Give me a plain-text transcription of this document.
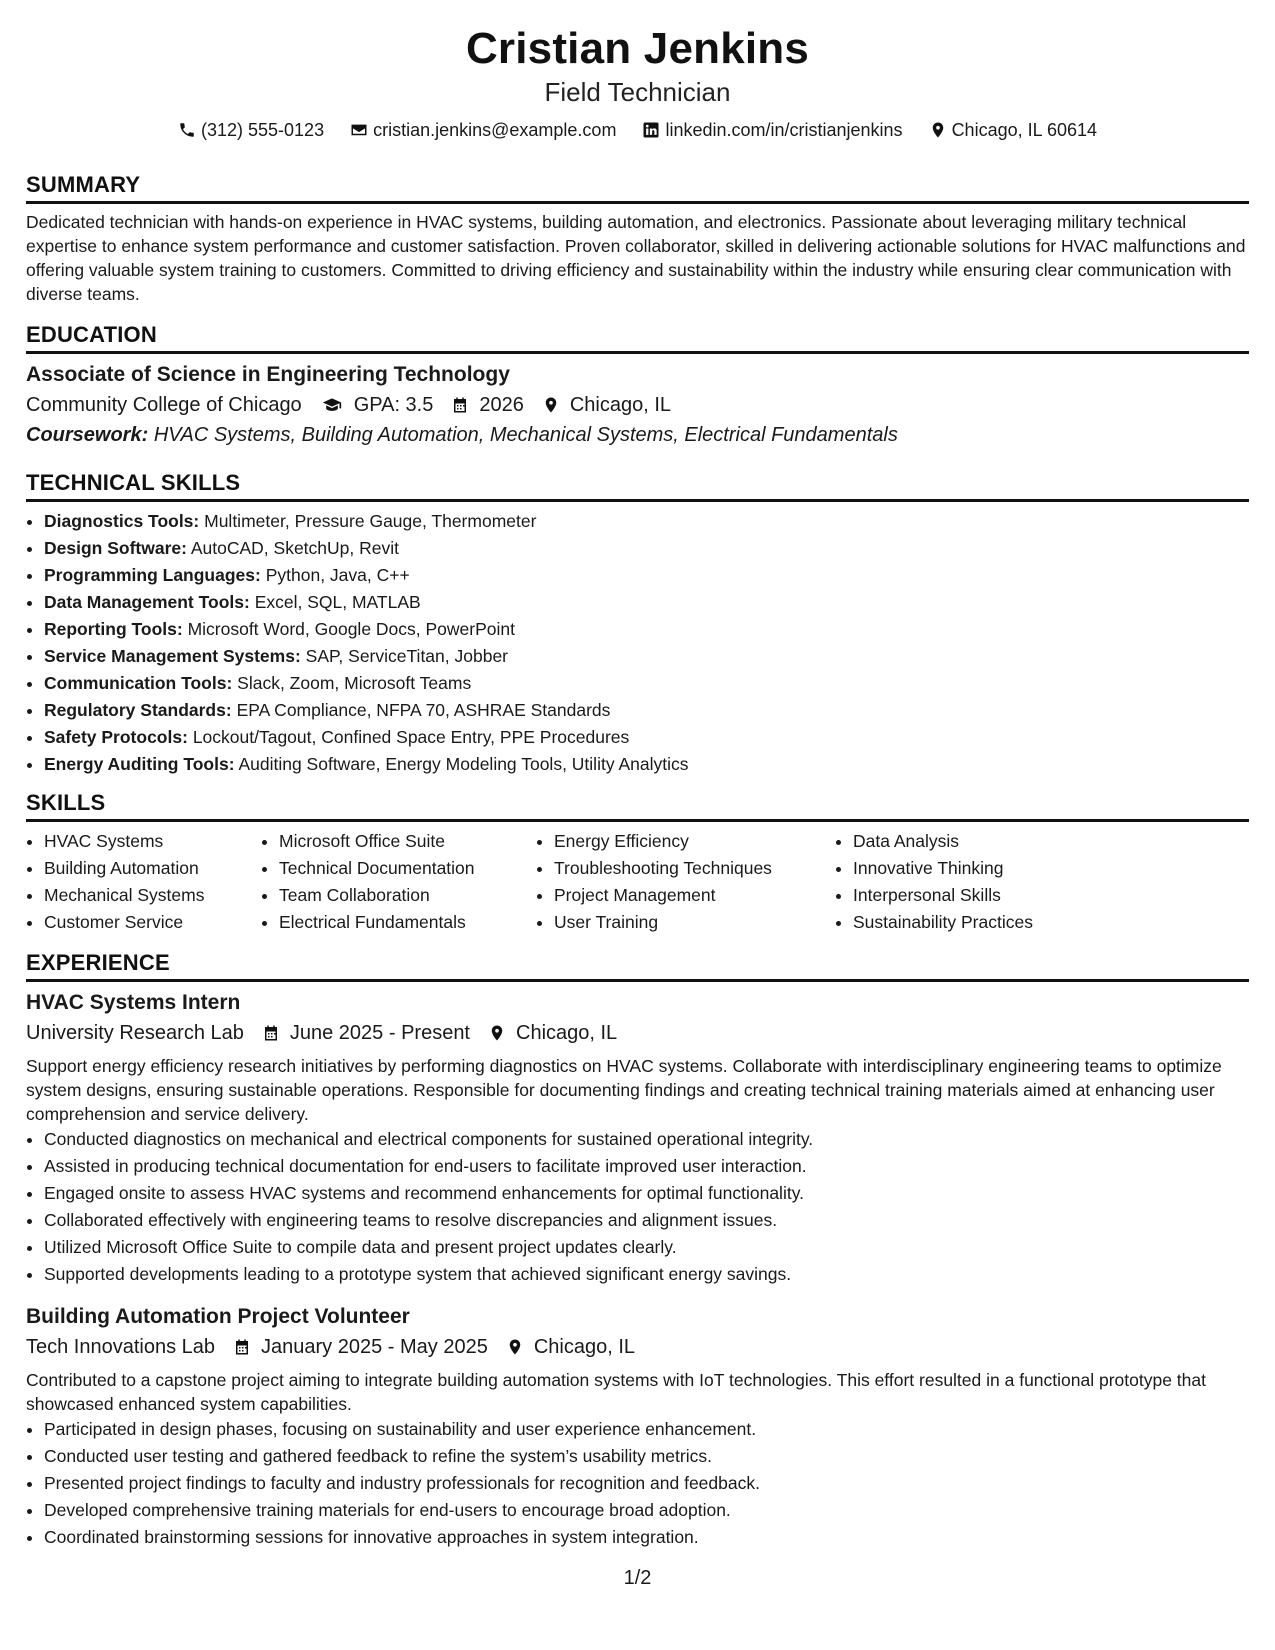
Cristian Jenkins
Field Technician
(312) 555-0123	cristian.jenkins@example.com	linkedin.com/in/cristianjenkins	Chicago, IL 60614
SUMMARY

Dedicated technician with hands-on experience in HVAC systems, building automation, and electronics. Passionate about leveraging military technical expertise to enhance system performance and customer satisfaction. Proven collaborator, skilled in delivering actionable solutions for HVAC malfunctions and offering valuable system training to customers. Committed to driving efficiency and sustainability within the industry while ensuring clear communication with diverse teams.

EDUCATION
Associate of Science in Engineering Technology
Community College of Chicago	GPA: 3.5 2026 Chicago, IL
Coursework: HVAC Systems, Building Automation, Mechanical Systems, Electrical Fundamentals
TECHNICAL SKILLS
• Diagnostics Tools: Multimeter, Pressure Gauge, Thermometer
• Design Software: AutoCAD, SketchUp, Revit
• Programming Languages: Python, Java, C++
• Data Management Tools: Excel, SQL, MATLAB
• Reporting Tools: Microsoft Word, Google Docs, PowerPoint
• Service Management Systems: SAP, ServiceTitan, Jobber
• Communication Tools: Slack, Zoom, Microsoft Teams
• Regulatory Standards: EPA Compliance, NFPA 70, ASHRAE Standards
• Safety Protocols: Lockout/Tagout, Confined Space Entry, PPE Procedures
• Energy Auditing Tools: Auditing Software, Energy Modeling Tools, Utility Analytics
SKILLS
• HVAC Systems
• Building Automation
• Mechanical Systems
• Customer Service
• Microsoft Office Suite
• Technical Documentation
• Team Collaboration
• Electrical Fundamentals
• Energy Efficiency
• Troubleshooting Techniques
• Project Management
• User Training
• Data Analysis
• Innovative Thinking
• Interpersonal Skills
• Sustainability Practices
EXPERIENCE
HVAC Systems Intern
University Research Lab June 2025 - Present Chicago, IL

Support energy efficiency research initiatives by performing diagnostics on HVAC systems. Collaborate with interdisciplinary engineering teams to optimize system designs, ensuring sustainable operations. Responsible for documenting findings and creating technical training materials aimed at enhancing user comprehension and service delivery.

• Conducted diagnostics on mechanical and electrical components for sustained operational integrity.
• Assisted in producing technical documentation for end-users to facilitate improved user interaction.
• Engaged onsite to assess HVAC systems and recommend enhancements for optimal functionality.
• Collaborated effectively with engineering teams to resolve discrepancies and alignment issues.
• Utilized Microsoft Office Suite to compile data and present project updates clearly.
• Supported developments leading to a prototype system that achieved significant energy savings.
Building Automation Project Volunteer
Tech Innovations Lab January 2025 - May 2025 Chicago, IL

Contributed to a capstone project aiming to integrate building automation systems with IoT technologies. This effort resulted in a functional prototype that showcased enhanced system capabilities.

• Participated in design phases, focusing on sustainability and user experience enhancement.
• Conducted user testing and gathered feedback to refine the system’s usability metrics.
• Presented project findings to faculty and industry professionals for recognition and feedback.
• Developed comprehensive training materials for end-users to encourage broad adoption.
• Coordinated brainstorming sessions for innovative approaches in system integration.
1/2
